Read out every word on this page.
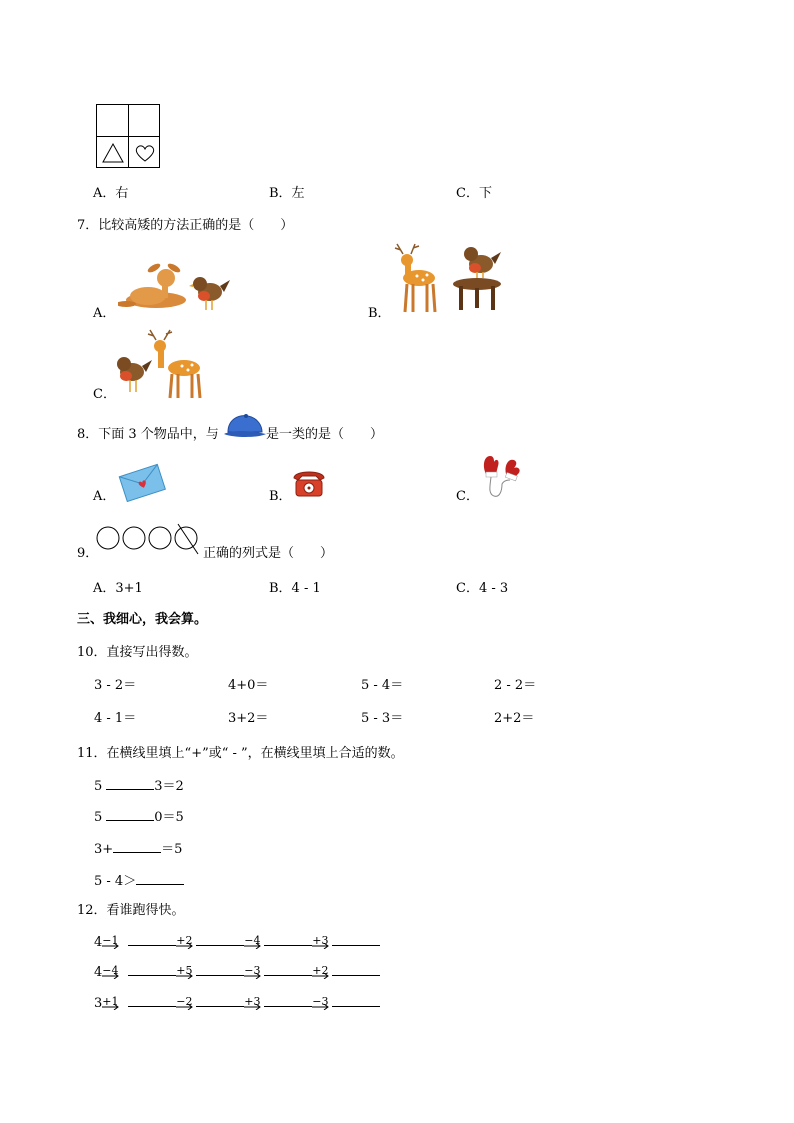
A．右	B．左	C．下
7．比较高矮的方法正确的是（　　）
A．	B．
C．
8．下面 3 个物品中，与	是一类的是（　　）
A．	B．	C．
9．	正确的列式是（　　）
A．3+1	B．4 - 1	C．4 - 3
三、我细心，我会算。
10．直接写出得数。
3 - 2＝	4+0＝	5 - 4＝	2 - 2＝
4 - 1＝	3+2＝	5 - 3＝	2+2＝
11．在横线里填上“+”或“ - ”，在横线里填上合适的数。
5	3＝2
5	0＝5
3+	＝5
5 - 4＞
12．看谁跑得快。
4 −1	+2	−4	+3
4 −4	+5	−3	+2
3 +1	−2	+3	−3
